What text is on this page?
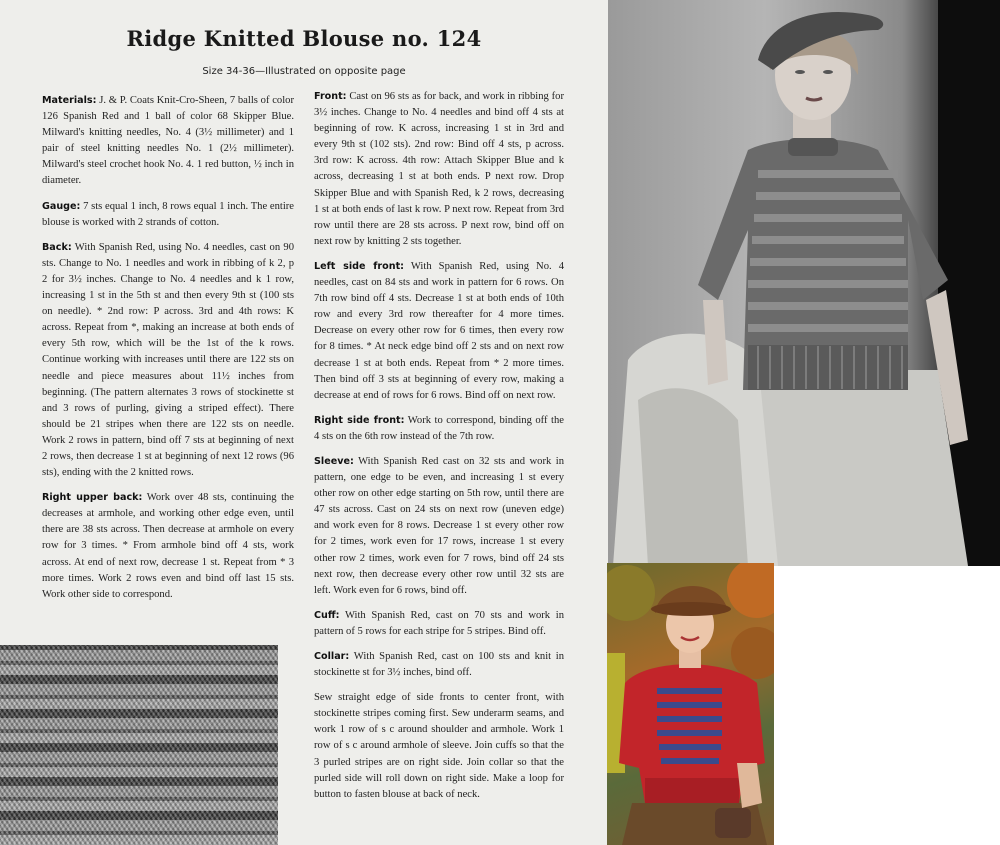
Ridge Knitted Blouse no. 124
Size 34-36—Illustrated on opposite page

Materials: J. & P. Coats Knit-Cro-Sheen, 7 balls of color 126 Spanish Red and 1 ball of color 68 Skipper Blue. Milward's knitting needles, No. 4 (3½ millimeter) and 1 pair of steel knitting needles No. 1 (2½ millimeter). Milward's steel crochet hook No. 4. 1 red button, ½ inch in diameter.

Gauge: 7 sts equal 1 inch, 8 rows equal 1 inch. The entire blouse is worked with 2 strands of cotton.

Back: With Spanish Red, using No. 4 needles, cast on 90 sts. Change to No. 1 needles and work in ribbing of k 2, p 2 for 3½ inches. Change to No. 4 needles and k 1 row, increasing 1 st in the 5th st and then every 9th st (100 sts on needle). * 2nd row: P across. 3rd and 4th rows: K across. Repeat from *, making an increase at both ends of every 5th row, which will be the 1st of the k rows. Continue working with increases until there are 122 sts on needle and piece measures about 11½ inches from beginning. (The pattern alternates 3 rows of stockinette st and 3 rows of purling, giving a striped effect). There should be 21 stripes when there are 122 sts on needle. Work 2 rows in pattern, bind off 7 sts at beginning of next 2 rows, then decrease 1 st at beginning of next 12 rows (96 sts), ending with the 2 knitted rows.

Right upper back: Work over 48 sts, continuing the decreases at armhole, and working other edge even, until there are 38 sts across. Then decrease at armhole on every row for 3 times. * From armhole bind off 4 sts, work across. At end of next row, decrease 1 st. Repeat from * 3 more times. Work 2 rows even and bind off last 15 sts. Work other side to correspond.

Front: Cast on 96 sts as for back, and work in ribbing for 3½ inches. Change to No. 4 needles and bind off 4 sts at beginning of row. K across, increasing 1 st in 3rd and every 9th st (102 sts). 2nd row: Bind off 4 sts, p across. 3rd row: K across. 4th row: Attach Skipper Blue and k across, decreasing 1 st at both ends. P next row. Drop Skipper Blue and with Spanish Red, k 2 rows, decreasing 1 st at both ends of last k row. P next row. Repeat from 3rd row until there are 28 sts across. P next row, bind off on next row by knitting 2 sts together.

Left side front: With Spanish Red, using No. 4 needles, cast on 84 sts and work in pattern for 6 rows. On 7th row bind off 4 sts. Decrease 1 st at both ends of 10th row and every 3rd row thereafter for 4 more times. Decrease on every other row for 6 times, then every row for 8 times. * At neck edge bind off 2 sts and on next row decrease 1 st at both ends. Repeat from * 2 more times. Then bind off 3 sts at beginning of every row, making a decrease at end of rows for 6 rows. Bind off on next row.

Right side front: Work to correspond, binding off the 4 sts on the 6th row instead of the 7th row.

Sleeve: With Spanish Red cast on 32 sts and work in pattern, one edge to be even, and increasing 1 st every other row on other edge starting on 5th row, until there are 47 sts across. Cast on 24 sts on next row (uneven edge) and work even for 8 rows. Decrease 1 st every other row for 2 times, work even for 17 rows, increase 1 st every other row 2 times, work even for 7 rows, bind off 24 sts next row, then decrease every other row until 32 sts are left. Work even for 6 rows, bind off.

Cuff: With Spanish Red, cast on 70 sts and work in pattern of 5 rows for each stripe for 5 stripes. Bind off.

Collar: With Spanish Red, cast on 100 sts and knit in stockinette st for 3½ inches, bind off.

Sew straight edge of side fronts to center front, with stockinette stripes coming first. Sew underarm seams, and work 1 row of s c around shoulder and armhole. Work 1 row of s c around armhole of sleeve. Join cuffs so that the 3 purled stripes are on right side. Join collar so that the purled side will roll down on right side. Make a loop for button to fasten blouse at back of neck.
